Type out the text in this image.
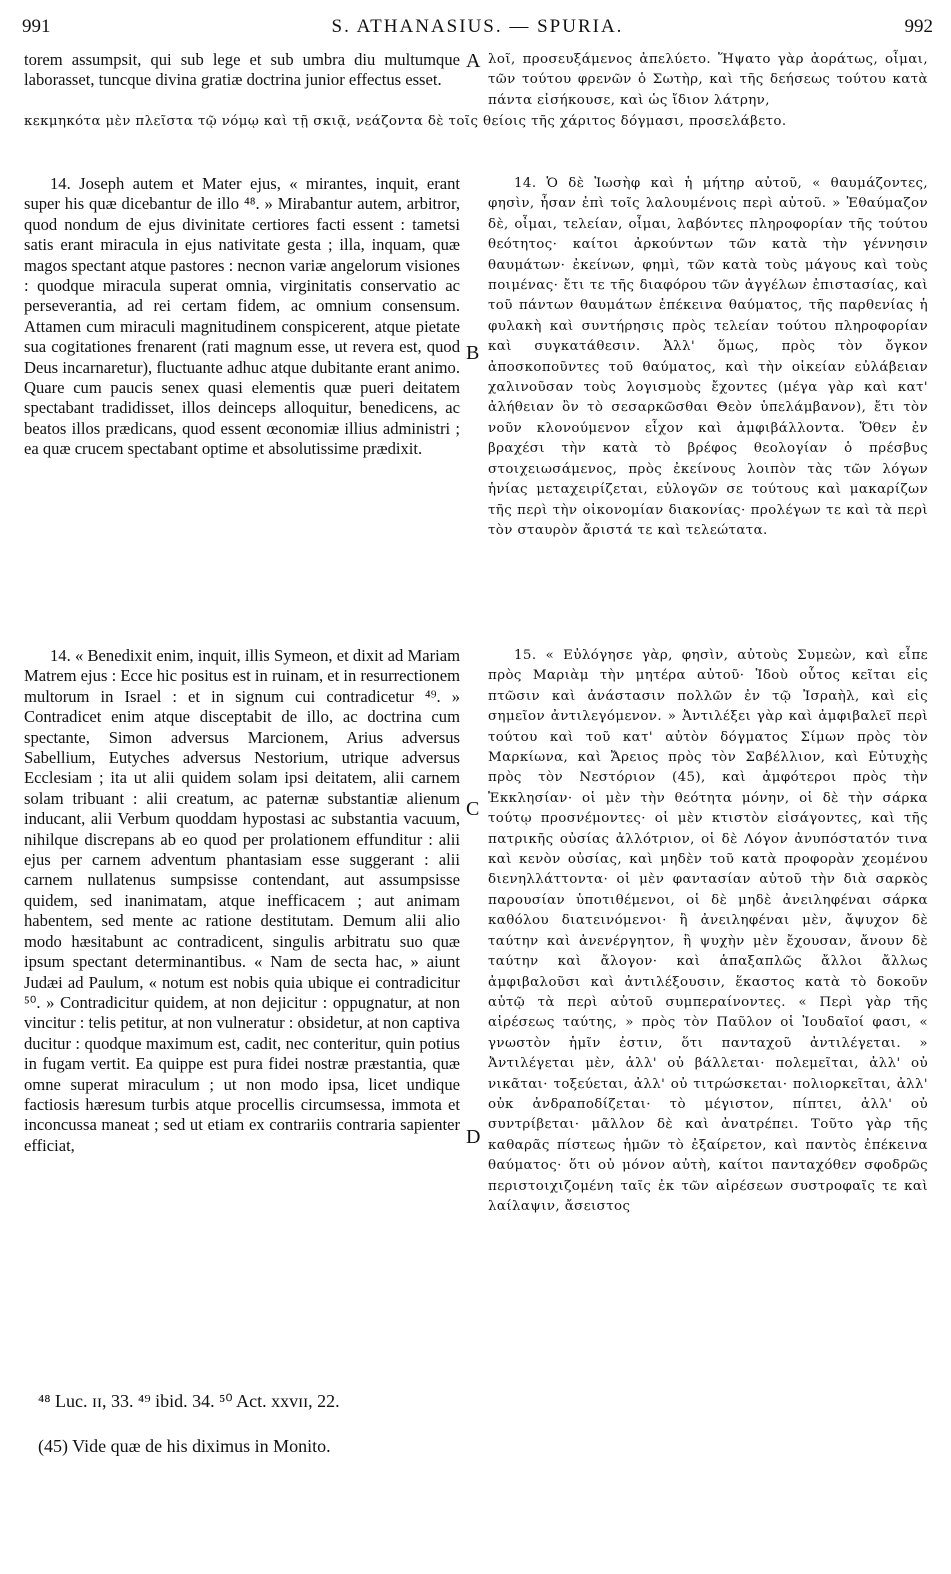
991	S. ATHANASIUS. — SPURIA.	992
A
B
C
D

torem assumpsit, qui sub lege et sub umbra diu multumque laborasset, tuncque divina gratiæ doctrina junior effectus esset.

λοῖ, προσευξάμενος ἀπελύετο. Ἥψατο γὰρ ἀοράτως, οἶμαι, τῶν τούτου φρενῶν ὁ Σωτὴρ, καὶ τῆς δεήσεως τούτου κατὰ πάντα εἰσήκουσε, καὶ ὡς ἴδιον λάτρην,

κεκμηκότα μὲν πλεῖστα τῷ νόμῳ καὶ τῇ σκιᾷ, νεάζοντα δὲ τοῖς θείοις τῆς χάριτος δόγμασι, προσελάβετο.

14. Joseph autem et Mater ejus, « mirantes, inquit, erant super his quæ dicebantur de illo ⁴⁸. » Mirabantur autem, arbitror, quod nondum de ejus divinitate certiores facti essent : tametsi satis erant miracula in ejus nativitate gesta ; illa, inquam, quæ magos spectant atque pastores : necnon variæ angelorum visiones : quodque miracula superat omnia, virginitatis conservatio ac perseverantia, ad rei certam fidem, ac omnium consensum. Attamen cum miraculi magnitudinem conspicerent, atque pietate sua cogitationes frenarent (rati magnum esse, ut revera est, quod Deus incarnaretur), fluctuante adhuc atque dubitante erant animo. Quare cum paucis senex quasi elementis quæ pueri deitatem spectabant tradidisset, illos deinceps alloquitur, benedicens, ac beatos illos prædicans, quod essent œconomiæ illius administri ; ea quæ crucem spectabant optime et absolutissime prædixit.

14. Ὁ δὲ Ἰωσὴφ καὶ ἡ μήτηρ αὐτοῦ, « θαυμάζοντες, φησὶν, ἦσαν ἐπὶ τοῖς λαλουμένοις περὶ αὐτοῦ. » Ἐθαύμαζον δὲ, οἶμαι, τελείαν, οἶμαι, λαβόντες πληροφορίαν τῆς τούτου θεότητος· καίτοι ἀρκούντων τῶν κατὰ τὴν γέννησιν θαυμάτων· ἐκείνων, φημὶ, τῶν κατὰ τοὺς μάγους καὶ τοὺς ποιμένας· ἔτι τε τῆς διαφόρου τῶν ἀγγέλων ἐπιστασίας, καὶ τοῦ πάντων θαυμάτων ἐπέκεινα θαύματος, τῆς παρθενίας ἡ φυλακὴ καὶ συντήρησις πρὸς τελείαν τούτου πληροφορίαν καὶ συγκατάθεσιν. Ἀλλ' ὅμως, πρὸς τὸν ὄγκον ἀποσκοποῦντες τοῦ θαύματος, καὶ τὴν οἰκείαν εὐλάβειαν χαλινοῦσαν τοὺς λογισμοὺς ἔχοντες (μέγα γὰρ καὶ κατ' ἀλήθειαν ὂν τὸ σεσαρκῶσθαι Θεὸν ὑπελάμβανον), ἔτι τὸν νοῦν κλονούμενον εἶχον καὶ ἀμφιβάλλοντα. Ὅθεν ἐν βραχέσι τὴν κατὰ τὸ βρέφος θεολογίαν ὁ πρέσβυς στοιχειωσάμενος, πρὸς ἐκείνους λοιπὸν τὰς τῶν λόγων ἡνίας μεταχειρίζεται, εὐλογῶν σε τούτους καὶ μακαρίζων τῆς περὶ τὴν οἰκονομίαν διακονίας· προλέγων τε καὶ τὰ περὶ τὸν σταυρὸν ἄριστά τε καὶ τελεώτατα.

14. « Benedixit enim, inquit, illis Symeon, et dixit ad Mariam Matrem ejus : Ecce hic positus est in ruinam, et in resurrectionem multorum in Israel : et in signum cui contradicetur ⁴⁹. » Contradicet enim atque disceptabit de illo, ac doctrina cum spectante, Simon adversus Marcionem, Arius adversus Sabellium, Eutyches adversus Nestorium, utrique adversus Ecclesiam ; ita ut alii quidem solam ipsi deitatem, alii carnem solam tribuant : alii creatum, ac paternæ substantiæ alienum inducant, alii Verbum quoddam hypostasi ac substantia vacuum, nihilque discrepans ab eo quod per prolationem effunditur : alii ejus per carnem adventum phantasiam esse suggerant : alii carnem nullatenus sumpsisse contendant, aut assumpsisse quidem, sed inanimatam, atque inefficacem ; aut animam habentem, sed mente ac ratione destitutam. Demum alii alio modo hæsitabunt ac contradicent, singulis arbitratu suo quæ ipsum spectant determinantibus. « Nam de secta hac, » aiunt Judæi ad Paulum, « notum est nobis quia ubique ei contradicitur ⁵⁰. » Contradicitur quidem, at non dejicitur : oppugnatur, at non vincitur : telis petitur, at non vulneratur : obsidetur, at non captiva ducitur : quodque maximum est, cadit, nec conteritur, quin potius in fugam vertit. Ea quippe est pura fidei nostræ præstantia, quæ omne superat miraculum ; ut non modo ipsa, licet undique factiosis hæresum turbis atque procellis circumsessa, immota et inconcussa maneat ; sed ut etiam ex contrariis contraria sapienter efficiat,

15. « Εὐλόγησε γὰρ, φησὶν, αὐτοὺς Συμεὼν, καὶ εἶπε πρὸς Μαριὰμ τὴν μητέρα αὐτοῦ· Ἰδοὺ οὗτος κεῖται εἰς πτῶσιν καὶ ἀνάστασιν πολλῶν ἐν τῷ Ἰσραὴλ, καὶ εἰς σημεῖον ἀντιλεγόμενον. » Ἀντιλέξει γὰρ καὶ ἀμφιβαλεῖ περὶ τούτου καὶ τοῦ κατ' αὐτὸν δόγματος Σίμων πρὸς τὸν Μαρκίωνα, καὶ Ἄρειος πρὸς τὸν Σαβέλλιον, καὶ Εὐτυχὴς πρὸς τὸν Νεστόριον (45), καὶ ἀμφότεροι πρὸς τὴν Ἐκκλησίαν· οἱ μὲν τὴν θεότητα μόνην, οἱ δὲ τὴν σάρκα τούτῳ προσνέμοντες· οἱ μὲν κτιστὸν εἰσάγοντες, καὶ τῆς πατρικῆς οὐσίας ἀλλότριον, οἱ δὲ Λόγον ἀνυπόστατόν τινα καὶ κενὸν οὐσίας, καὶ μηδὲν τοῦ κατὰ προφορὰν χεομένου διενηλλάττοντα· οἱ μὲν φαντασίαν αὐτοῦ τὴν διὰ σαρκὸς παρουσίαν ὑποτιθέμενοι, οἱ δὲ μηδὲ ἀνειληφέναι σάρκα καθόλου διατεινόμενοι· ἢ ἀνειληφέναι μὲν, ἄψυχον δὲ ταύτην καὶ ἀνενέργητον, ἢ ψυχὴν μὲν ἔχουσαν, ἄνουν δὲ ταύτην καὶ ἄλογον· καὶ ἁπαξαπλῶς ἄλλοι ἄλλως ἀμφιβαλοῦσι καὶ ἀντιλέξουσιν, ἕκαστος κατὰ τὸ δοκοῦν αὐτῷ τὰ περὶ αὐτοῦ συμπεραίνοντες. « Περὶ γὰρ τῆς αἱρέσεως ταύτης, » πρὸς τὸν Παῦλον οἱ Ἰουδαῖοί φασι, « γνωστὸν ἡμῖν ἐστιν, ὅτι πανταχοῦ ἀντιλέγεται. » Ἀντιλέγεται μὲν, ἀλλ' οὐ βάλλεται· πολεμεῖται, ἀλλ' οὐ νικᾶται· τοξεύεται, ἀλλ' οὐ τιτρώσκεται· πολιορκεῖται, ἀλλ' οὐκ ἀνδραποδίζεται· τὸ μέγιστον, πίπτει, ἀλλ' οὐ συντρίβεται· μᾶλλον δὲ καὶ ἀνατρέπει. Τοῦτο γὰρ τῆς καθαρᾶς πίστεως ἡμῶν τὸ ἐξαίρετον, καὶ παντὸς ἐπέκεινα θαύματος· ὅτι οὐ μόνον αὐτὴ, καίτοι πανταχόθεν σφοδρῶς περιστοιχιζομένη ταῖς ἐκ τῶν αἱρέσεων συστροφαῖς τε καὶ λαίλαψιν, ἄσειστος

⁴⁸ Luc. ɪɪ, 33. ⁴⁹ ibid. 34. ⁵⁰ Act. xxvɪɪ, 22.
(45) Vide quæ de his diximus in Monito.
